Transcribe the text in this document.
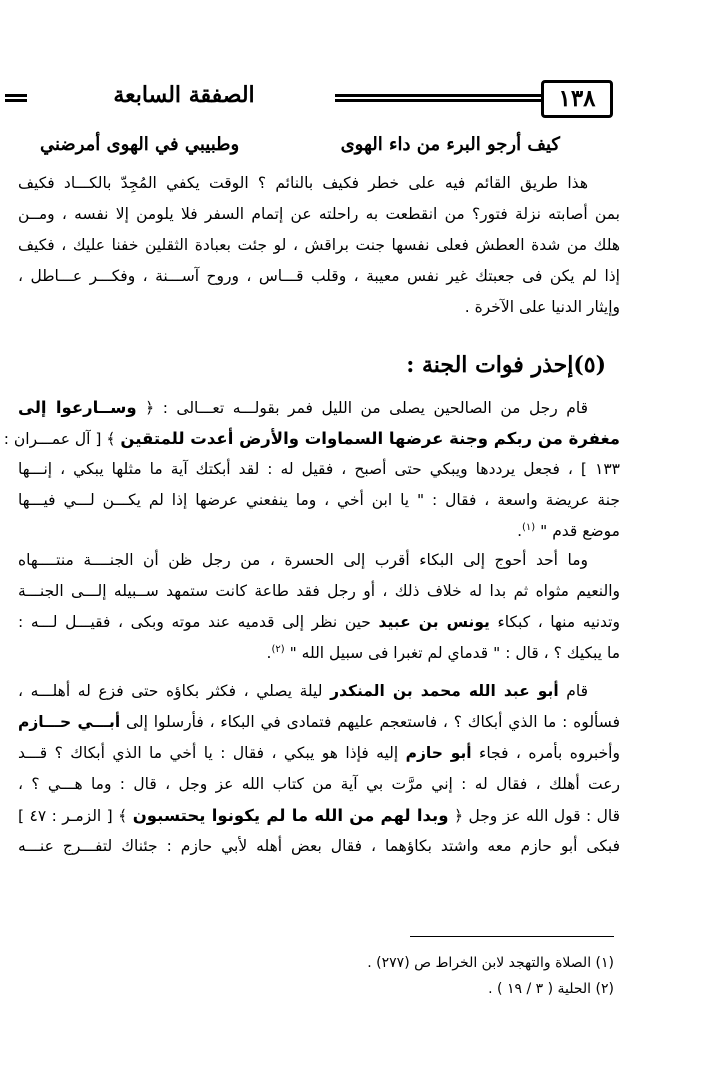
١٣٨
الصفقة السابعة
كيف أرجو البرء من داء الهوى
وطبيبي في الهوى أمرضني
هذا طريق القائم فيه على خطر فكيف بالنائم ؟ الوقت يكفي المُجِدّ بالكـــاد فكيف
بمن أصابته نزلة فتور؟ من انقطعت به راحلته عن إتمام السفر فلا يلومن إلا نفسه ، ومــن
هلك من شدة العطش فعلى نفسها جنت براقش ، لو جئت بعبادة الثقلين خفنا عليك ، فكيف
إذا لم يكن فى جعبتك غير نفس معيبة ، وقلب قـــاس ، وروح آســـنة ، وفكـــر عـــاطل ،
وإيثار الدنيا على الآخرة .
(٥)إحذر فوات الجنة :
قام رجل من الصالحين يصلى من الليل فمر بقولـــه تعـــالى : ﴿ وســارعوا إلى
مغفرة من ربكم وجنة عرضها السماوات والأرض أعدت للمتقين ﴾ [ آل عمـــران :
١٣٣ ] ، فجعل يرددها ويبكي حتى أصبح ، فقيل له : لقد أبكتك آية ما مثلها يبكي ، إنـــها
جنة عريضة واسعة ، فقال : " يا ابن أخي ، وما ينفعني عرضها إذا لم يكـــن لـــي فيـــها
موضع قدم " $^{(١)}$.
وما أحد أحوج إلى البكاء أقرب إلى الحسرة ، من رجل ظن أن الجنــــة منتــــهاه
والنعيم مثواه ثم بدا له خلاف ذلك ، أو رجل فقد طاعة كانت ستمهد ســبيله إلـــى الجنـــة
وتدنيه منها ، كبكاء يونس بن عبيد حين نظر إلى قدميه عند موته وبكى ، فقيـــل لـــه :
ما يبكيك ؟ ، قال : " قدماي لم تغبرا فى سبيل الله " $^{(٢)}$.
قام أبو عبد الله محمد بن المنكدر ليلة يصلي ، فكثر بكاؤه حتى فزع له أهلـــه ،
فسألوه : ما الذي أبكاك ؟ ، فاستعجم عليهم فتمادى في البكاء ، فأرسلوا إلى أبـــي حـــازم
وأخبروه بأمره ، فجاء أبو حازم إليه فإذا هو يبكي ، فقال : يا أخي ما الذي أبكاك ؟ قـــد
رعت أهلك ، فقال له : إني مرَّت بي آية من كتاب الله عز وجل ، قال : وما هـــي ؟ ،
قال : قول الله عز وجل ﴿ وبدا لهم من الله ما لم يكونوا يحتسبون ﴾ [ الزمـر : ٤٧ ]
فبكى أبو حازم معه واشتد بكاؤهما ، فقال بعض أهله لأبي حازم : جئناك لتفـــرج عنـــه
(١) الصلاة والتهجد لابن الخراط ص (٢٧٧) .
(٢) الحلية ( ٣ / ١٩ ) .
